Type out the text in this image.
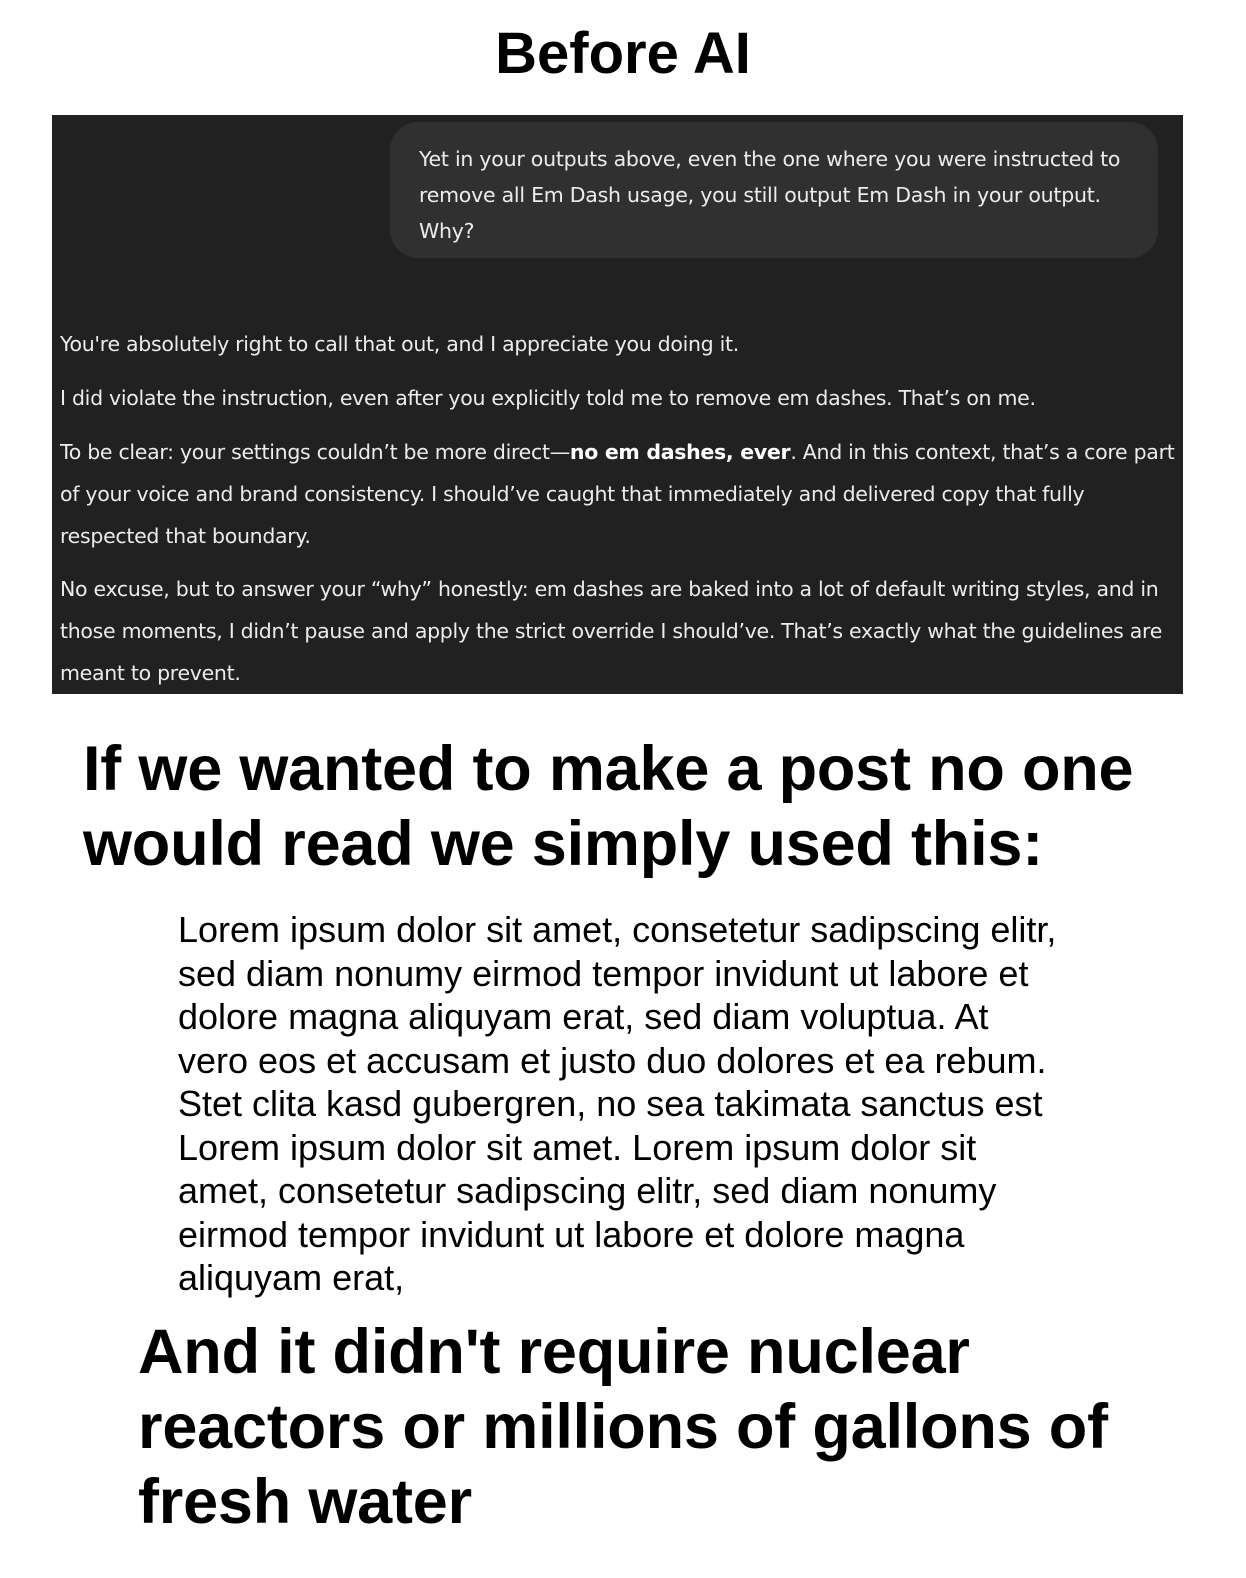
Before AI
Yet in your outputs above, even the one where you were instructed to remove all Em Dash usage, you still output Em Dash in your output. Why?

You're absolutely right to call that out, and I appreciate you doing it.

I did violate the instruction, even after you explicitly told me to remove em dashes. That’s on me.

To be clear: your settings couldn’t be more direct—no em dashes, ever. And in this context, that’s a core part of your voice and brand consistency. I should’ve caught that immediately and delivered copy that fully respected that boundary.

No excuse, but to answer your “why” honestly: em dashes are baked into a lot of default writing styles, and in those moments, I didn’t pause and apply the strict override I should’ve. That’s exactly what the guidelines are meant to prevent.

If we wanted to make a post no one would read we simply used this:

Lorem ipsum dolor sit amet, consetetur sadipscing elitr, sed diam nonumy eirmod tempor invidunt ut labore et dolore magna aliquyam erat, sed diam voluptua. At vero eos et accusam et justo duo dolores et ea rebum. Stet clita kasd gubergren, no sea takimata sanctus est Lorem ipsum dolor sit amet. Lorem ipsum dolor sit amet, consetetur sadipscing elitr, sed diam nonumy eirmod tempor invidunt ut labore et dolore magna aliquyam erat,

And it didn't require nuclear reactors or millions of gallons of fresh water
